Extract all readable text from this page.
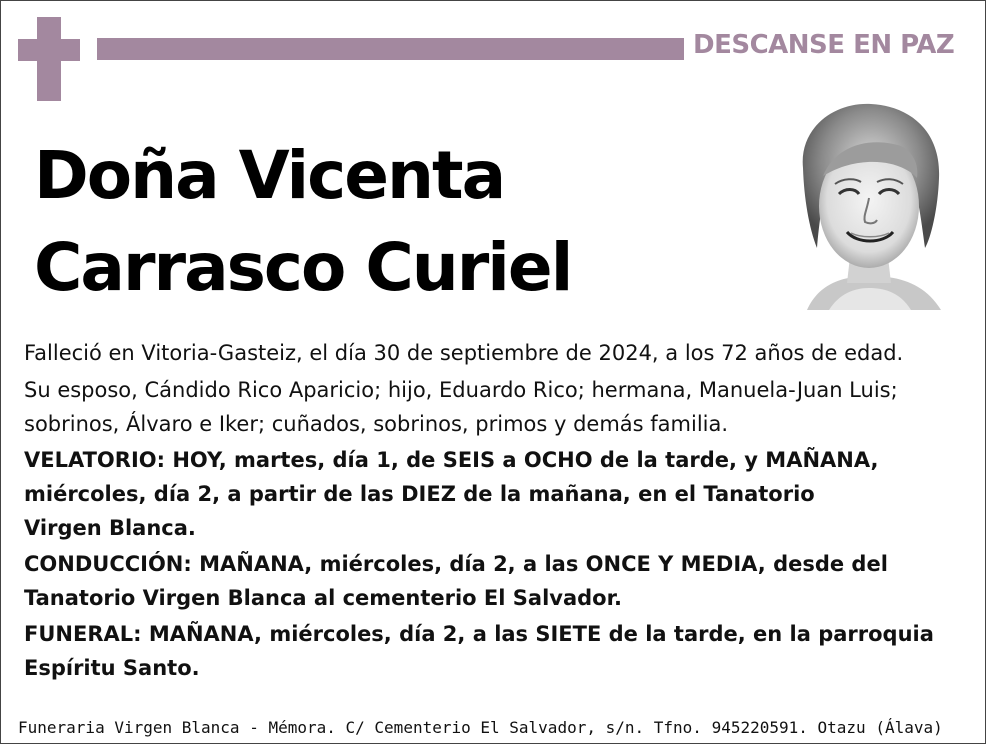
DESCANSE EN PAZ
Doña Vicenta
Carrasco Curiel

Falleció en Vitoria-Gasteiz, el día 30 de septiembre de 2024, a los 72 años de edad.

Su esposo, Cándido Rico Aparicio; hijo, Eduardo Rico; hermana, Manuela-Juan Luis;

sobrinos, Álvaro e Iker; cuñados, sobrinos, primos y demás familia.

VELATORIO: HOY, martes, día 1, de SEIS a OCHO de la tarde, y MAÑANA,

miércoles, día 2, a partir de las DIEZ de la mañana, en el Tanatorio

Virgen Blanca.

CONDUCCIÓN: MAÑANA, miércoles, día 2, a las ONCE Y MEDIA, desde del

Tanatorio Virgen Blanca al cementerio El Salvador.

FUNERAL: MAÑANA, miércoles, día 2, a las SIETE de la tarde, en la parroquia

Espíritu Santo.

Funeraria Virgen Blanca - Mémora. C/ Cementerio El Salvador, s/n. Tfno. 945220591. Otazu (Álava)
